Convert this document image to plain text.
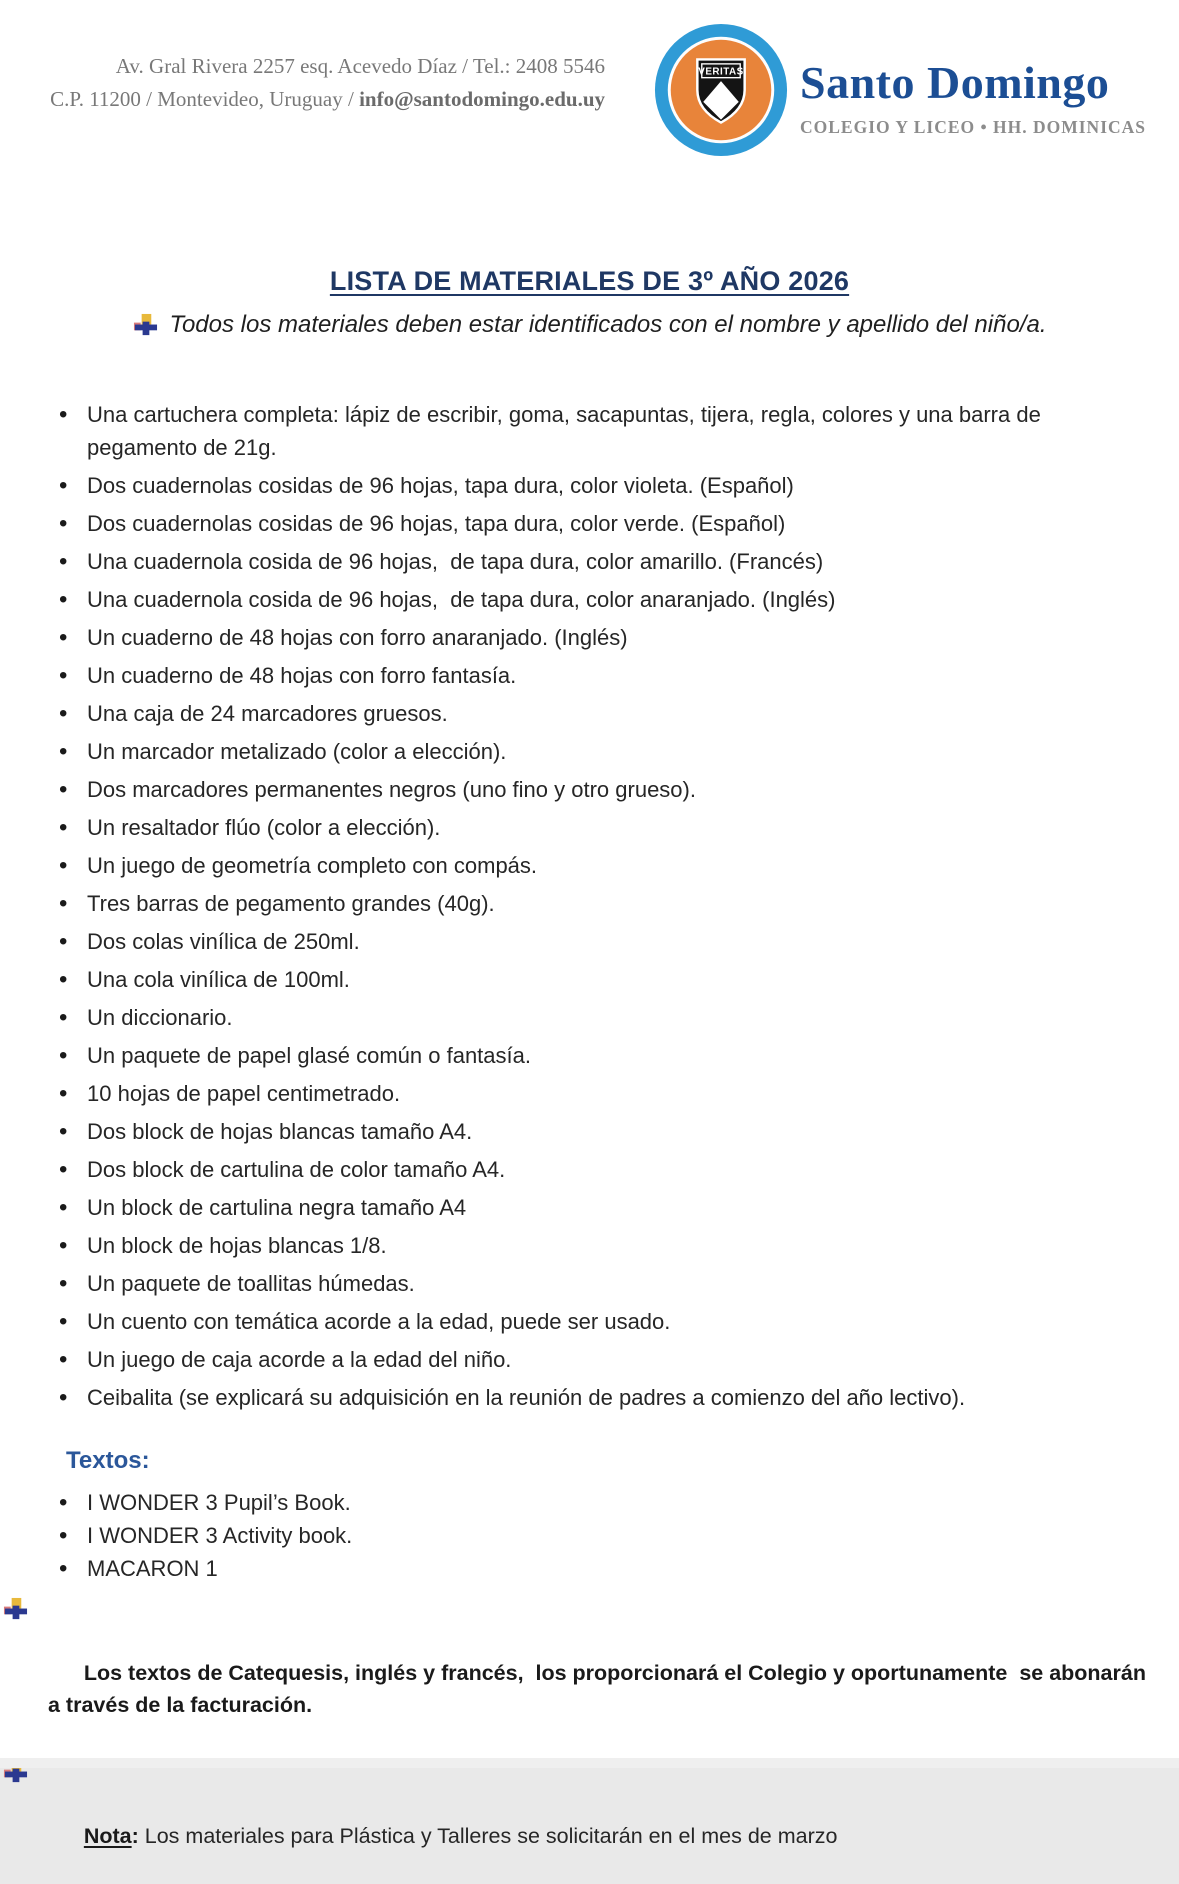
Av. Gral Rivera 2257 esq. Acevedo Díaz / Tel.: 2408 5546
C.P. 11200 / Montevideo, Uruguay / info@santodomingo.edu.uy
VERITAS Santo Domingo
COLEGIO Y LICEO • HH. DOMINICAS
LISTA DE MATERIALES DE 3º AÑO 2026
Todos los materiales deben estar identificados con el nombre y apellido del niño/a.
• Una cartuchera completa: lápiz de escribir, goma, sacapuntas, tijera, regla, colores y una barra de pegamento de 21g.
• Dos cuadernolas cosidas de 96 hojas, tapa dura, color violeta. (Español)
• Dos cuadernolas cosidas de 96 hojas, tapa dura, color verde. (Español)
• Una cuadernola cosida de 96 hojas,  de tapa dura, color amarillo. (Francés)
• Una cuadernola cosida de 96 hojas,  de tapa dura, color anaranjado. (Inglés)
• Un cuaderno de 48 hojas con forro anaranjado. (Inglés)
• Un cuaderno de 48 hojas con forro fantasía.
• Una caja de 24 marcadores gruesos.
• Un marcador metalizado (color a elección).
• Dos marcadores permanentes negros (uno fino y otro grueso).
• Un resaltador flúo (color a elección).
• Un juego de geometría completo con compás.
• Tres barras de pegamento grandes (40g).
• Dos colas vinílica de 250ml.
• Una cola vinílica de 100ml.
• Un diccionario.
• Un paquete de papel glasé común o fantasía.
• 10 hojas de papel centimetrado.
• Dos block de hojas blancas tamaño A4.
• Dos block de cartulina de color tamaño A4.
• Un block de cartulina negra tamaño A4
• Un block de hojas blancas 1/8.
• Un paquete de toallitas húmedas.
• Un cuento con temática acorde a la edad, puede ser usado.
• Un juego de caja acorde a la edad del niño.
• Ceibalita (se explicará su adquisición en la reunión de padres a comienzo del año lectivo).
Textos:
• I WONDER 3 Pupil’s Book.
• I WONDER 3 Activity book.
• MACARON 1

Los textos de Catequesis, inglés y francés,  los proporcionará el Colegio y oportunamente  se abonarán a través de la facturación.

Nota: Los materiales para Plástica y Talleres se solicitarán en el mes de marzo
